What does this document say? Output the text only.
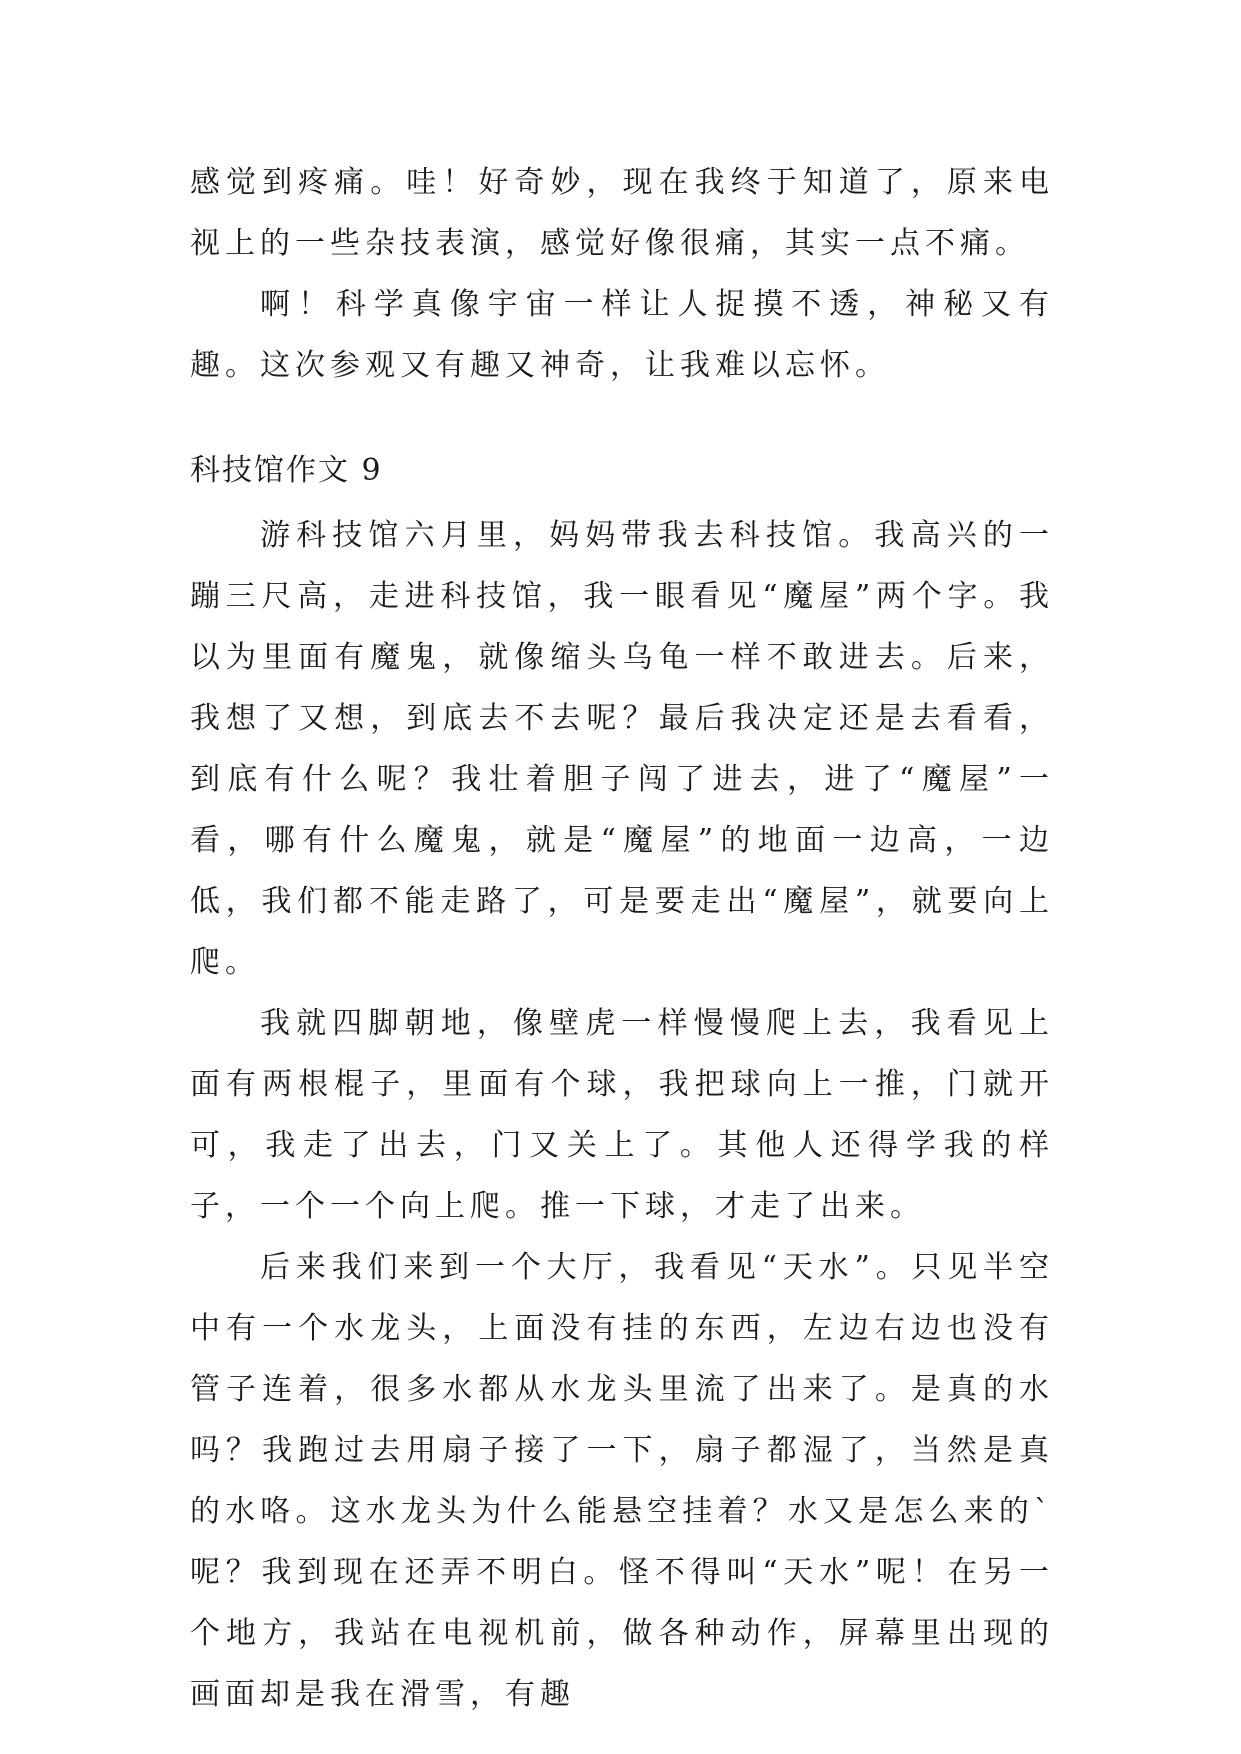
感觉到疼痛。哇！好奇妙，现在我终于知道了，原来电视上的一些杂技表演，感觉好像很痛，其实一点不痛。

啊！科学真像宇宙一样让人捉摸不透，神秘又有趣。这次参观又有趣又神奇，让我难以忘怀。

科技馆作文 9

游科技馆六月里，妈妈带我去科技馆。我高兴的一蹦三尺高，走进科技馆，我一眼看见“魔屋”两个字。我以为里面有魔鬼，就像缩头乌龟一样不敢进去。后来，我想了又想，到底去不去呢？最后我决定还是去看看，到底有什么呢？我壮着胆子闯了进去，进了“魔屋”一看，哪有什么魔鬼，就是“魔屋”的地面一边高，一边低，我们都不能走路了，可是要走出“魔屋”，就要向上爬。

我就四脚朝地，像壁虎一样慢慢爬上去，我看见上面有两根棍子，里面有个球，我把球向上一推，门就开可，我走了出去，门又关上了。其他人还得学我的样子，一个一个向上爬。推一下球，才走了出来。

后来我们来到一个大厅，我看见“天水”。只见半空中有一个水龙头，上面没有挂的东西，左边右边也没有管子连着，很多水都从水龙头里流了出来了。是真的水吗？我跑过去用扇子接了一下，扇子都湿了，当然是真的水咯。这水龙头为什么能悬空挂着？水又是怎么来的`呢？我到现在还弄不明白。怪不得叫“天水”呢！在另一个地方，我站在电视机前，做各种动作，屏幕里出现的画面却是我在滑雪，有趣
